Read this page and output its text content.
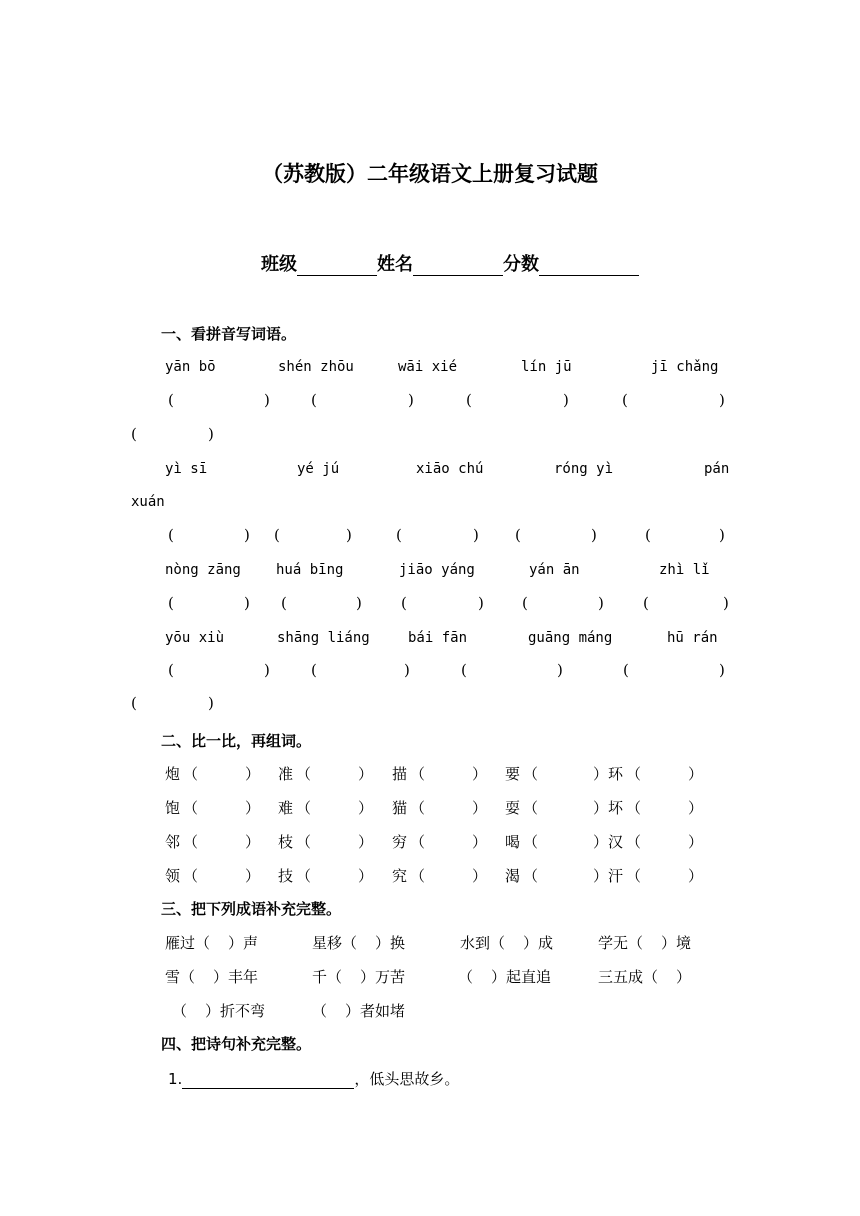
（苏教版）二年级语文上册复习试题
班级	姓名	分数
一、看拼音写词语。
yān bō	shén zhōu	wāi xié	lín jū	jī chǎng
(	)	(	)	(	)	(	)
(	)
yì sī	yé jú	xiāo chú	róng yì	pán
xuán
(	) (	)	(	) (	)	(	)
nòng zāng	huá bīng	jiāo yáng	yán ān	zhì lǐ
(	) (	)	(	)	(	)	(	)
yōu xiù	shāng liáng	bái fān	guāng máng	hū rán
(	)	(	)	(	)	(	)
(	)
二、比一比，再组词。
炮 （	） 准 （	） 描 （	） 要 （	） 环 （	）
饱 （	） 难 （	） 猫 （	） 耍 （	） 坏 （	）
邻 （	） 枝 （	） 穷 （	） 喝 （	） 汉 （	）
领 （	） 技 （	） 究 （	） 渴 （	） 汗 （	）
三、把下列成语补充完整。
雁过（  ）声	星移（  ）换	水到（  ）成	学无（  ）境
雪（  ）丰年	千（  ）万苦	（  ）起直追	三五成（  ）
（  ）折不弯	（  ）者如堵
四、把诗句补充完整。
1.	，低头思故乡。
